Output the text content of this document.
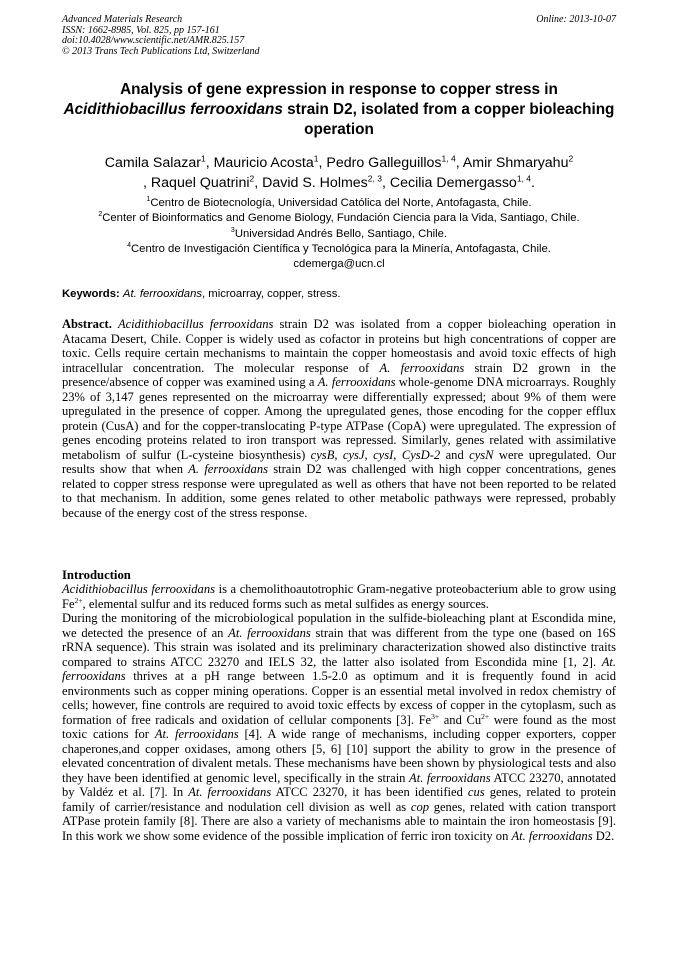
Advanced Materials Research
ISSN: 1662-8985, Vol. 825, pp 157-161
doi:10.4028/www.scientific.net/AMR.825.157
© 2013 Trans Tech Publications Ltd, Switzerland
Online: 2013-10-07
Analysis of gene expression in response to copper stress in
Acidithiobacillus ferrooxidans strain D2, isolated from a copper bioleaching operation
Camila Salazar$^1$, Mauricio Acosta$^1$, Pedro Galleguillos$^{1, 4}$, Amir Shmaryahu$^2$
, Raquel Quatrini$^2$, David S. Holmes$^{2, 3}$, Cecilia Demergasso$^{1, 4}$.
$^1$Centro de Biotecnología, Universidad Católica del Norte, Antofagasta, Chile.
$^2$Center of Bioinformatics and Genome Biology, Fundación Ciencia para la Vida, Santiago, Chile.
$^3$Universidad Andrés Bello, Santiago, Chile.
$^4$Centro de Investigación Científica y Tecnológica para la Minería, Antofagasta, Chile.
cdemerga@ucn.cl
Keywords: At. ferrooxidans, microarray, copper, stress.
Abstract. Acidithiobacillus ferrooxidans strain D2 was isolated from a copper bioleaching operation in Atacama Desert, Chile. Copper is widely used as cofactor in proteins but high concentrations of copper are toxic. Cells require certain mechanisms to maintain the copper homeostasis and avoid toxic effects of high intracellular concentration. The molecular response of A. ferrooxidans strain D2 grown in the presence/absence of copper was examined using a A. ferrooxidans whole-genome DNA microarrays. Roughly 23% of 3,147 genes represented on the microarray were differentially expressed; about 9% of them were upregulated in the presence of copper. Among the upregulated genes, those encoding for the copper efflux protein (CusA) and for the copper-translocating P-type ATPase (CopA) were upregulated. The expression of genes encoding proteins related to iron transport was repressed. Similarly, genes related with assimilative metabolism of sulfur (L-cysteine biosynthesis) cysB, cysJ, cysI, CysD-2 and cysN were upregulated. Our results show that when A. ferrooxidans strain D2 was challenged with high copper concentrations, genes related to copper stress response were upregulated as well as others that have not been reported to be related to that mechanism. In addition, some genes related to other metabolic pathways were repressed, probably because of the energy cost of the stress response.
Introduction
Acidithiobacillus ferrooxidans is a chemolithoautotrophic Gram-negative proteobacterium able to grow using $Fe^{2+}$, elemental sulfur and its reduced forms such as metal sulfides as energy sources.
During the monitoring of the microbiological population in the sulfide-bioleaching plant at Escondida mine, we detected the presence of an At. ferrooxidans strain that was different from the type one (based on 16S rRNA sequence). This strain was isolated and its preliminary characterization showed also distinctive traits compared to strains ATCC 23270 and IELS 32, the latter also isolated from Escondida mine [1, 2]. At. ferrooxidans thrives at a pH range between 1.5-2.0 as optimum and it is frequently found in acid environments such as copper mining operations. Copper is an essential metal involved in redox chemistry of cells; however, fine controls are required to avoid toxic effects by excess of copper in the cytoplasm, such as formation of free radicals and oxidation of cellular components [3]. $Fe^{3+}$ and $Cu^{2+}$ were found as the most toxic cations for At. ferrooxidans [4]. A wide range of mechanisms, including copper exporters, copper chaperones,and copper oxidases, among others [5, 6] [10] support the ability to grow in the presence of elevated concentration of divalent metals. These mechanisms have been shown by physiological tests and also they have been identified at genomic level, specifically in the strain At. ferrooxidans ATCC 23270, annotated by Valdéz et al. [7]. In At. ferrooxidans ATCC 23270, it has been identified cus genes, related to protein family of carrier/resistance and nodulation cell division as well as cop genes, related with cation transport ATPase protein family [8]. There are also a variety of mechanisms able to maintain the iron homeostasis [9]. In this work we show some evidence of the possible implication of ferric iron toxicity on At. ferrooxidans D2.
